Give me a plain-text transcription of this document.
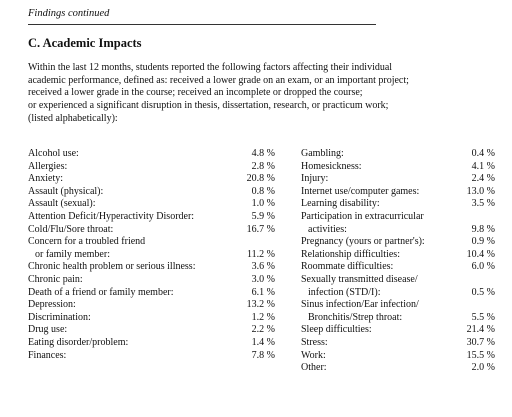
Findings continued
C. Academic Impacts
Within the last 12 months, students reported the following factors affecting their individual
academic performance, defined as: received a lower grade on an exam, or an important project;
received a lower grade in the course; received an incomplete or dropped the course;
or experienced a significant disruption in thesis, dissertation, research, or practicum work;
(listed alphabetically):
Alcohol use:	4.8 %
Allergies:	2.8 %
Anxiety:	20.8 %
Assault (physical):	0.8 %
Assault (sexual):	1.0 %
Attention Deficit/Hyperactivity Disorder:	5.9 %
Cold/Flu/Sore throat:	16.7 %
Concern for a troubled friend
or family member:	11.2 %
Chronic health problem or serious illness:	3.6 %
Chronic pain:	3.0 %
Death of a friend or family member:	6.1 %
Depression:	13.2 %
Discrimination:	1.2 %
Drug use:	2.2 %
Eating disorder/problem:	1.4 %
Finances:	7.8 %
Gambling:	0.4 %
Homesickness:	4.1 %
Injury:	2.4 %
Internet use/computer games:	13.0 %
Learning disability:	3.5 %
Participation in extracurricular
activities:	9.8 %
Pregnancy (yours or partner's):	0.9 %
Relationship difficulties:	10.4 %
Roommate difficulties:	6.0 %
Sexually transmitted disease/
infection (STD/I):	0.5 %
Sinus infection/Ear infection/
Bronchitis/Strep throat:	5.5 %
Sleep difficulties:	21.4 %
Stress:	30.7 %
Work:	15.5 %
Other:	2.0 %
